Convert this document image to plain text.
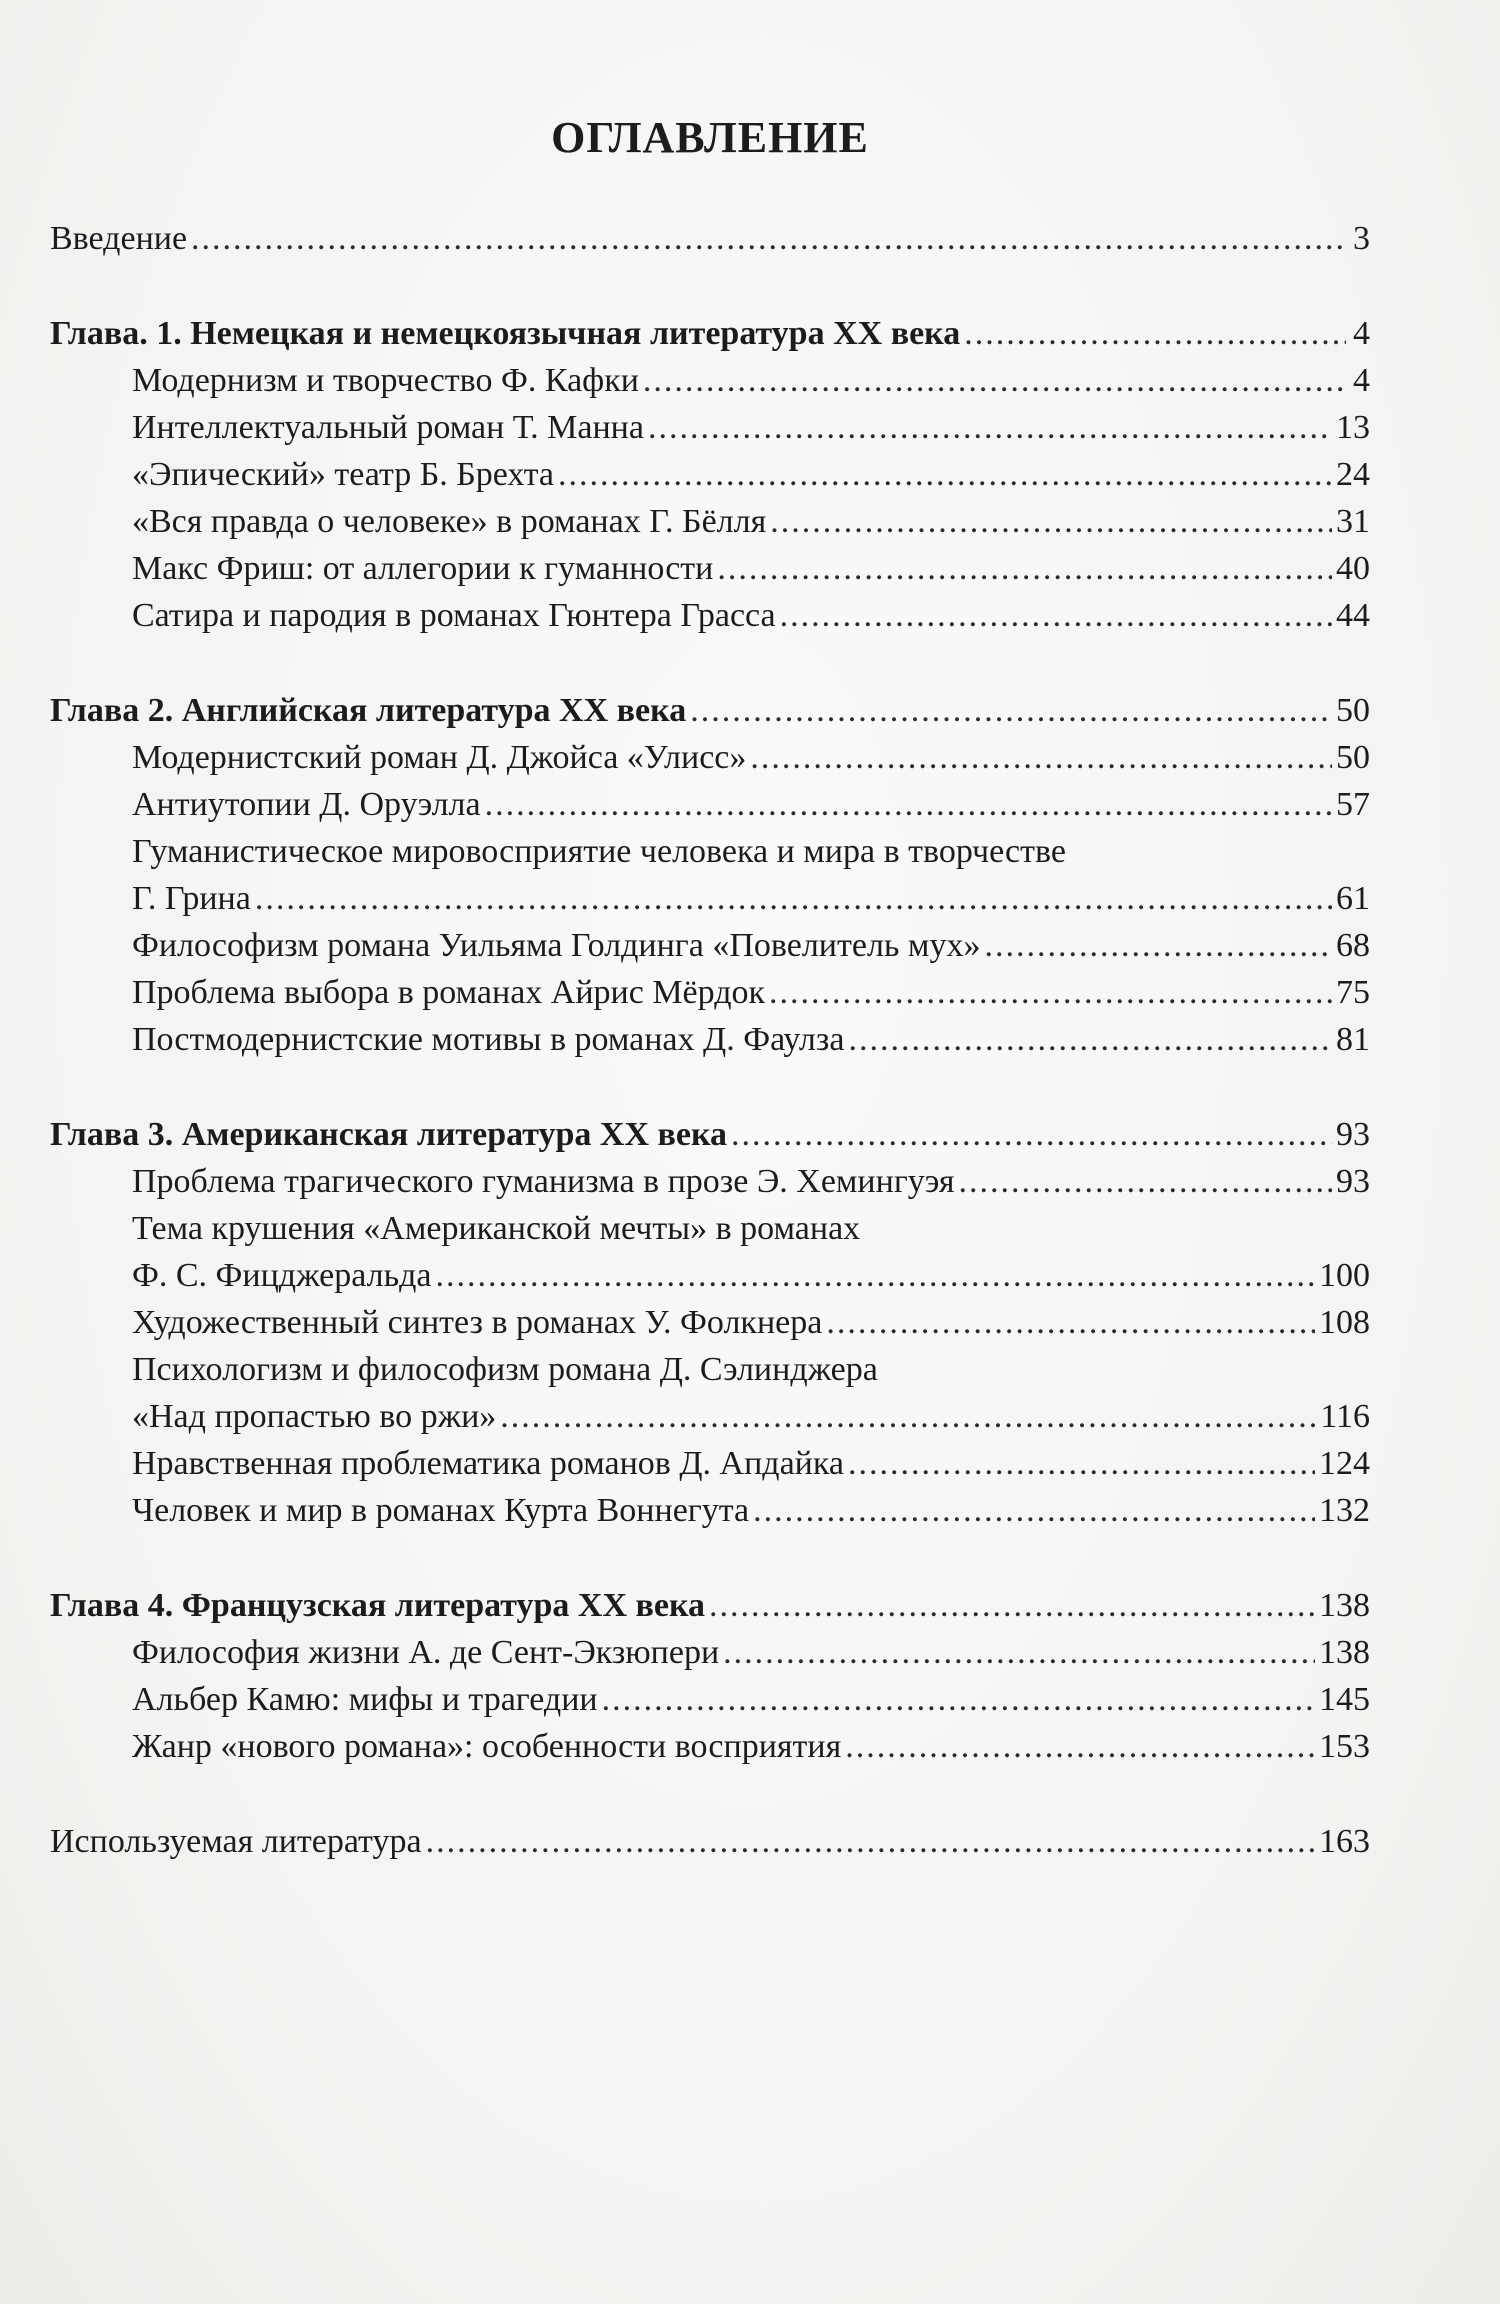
ОГЛАВЛЕНИЕ
Введение .....	3
Глава. 1. Немецкая и немецкоязычная литература XX века .....	4
Модернизм и творчество Ф. Кафки .....	4
Интеллектуальный роман Т. Манна .....	13
«Эпический» театр Б. Брехта .....	24
«Вся правда о человеке» в романах Г. Бёлля .....	31
Макс Фриш: от аллегории к гуманности .....	40
Сатира и пародия в романах Гюнтера Грасса .....	44
Глава 2. Английская литература XX века .....	50
Модернистский роман Д. Джойса «Улисс» .....	50
Антиутопии Д. Оруэлла .....	57
Гуманистическое мировосприятие человека и мира в творчестве
Г. Грина .....	61
Философизм романа Уильяма Голдинга «Повелитель мух» .....	68
Проблема выбора в романах Айрис Мёрдок .....	75
Постмодернистские мотивы в романах Д. Фаулза .....	81
Глава 3. Американская литература XX века .....	93
Проблема трагического гуманизма в прозе Э. Хемингуэя .....	93
Тема крушения «Американской мечты» в романах
Ф. С. Фицджеральда .....	100
Художественный синтез в романах У. Фолкнера .....	108
Психологизм и философизм романа Д. Сэлинджера
«Над пропастью во ржи» .....	116
Нравственная проблематика романов Д. Апдайка .....	124
Человек и мир в романах Курта Воннегута .....	132
Глава 4. Французская литература XX века .....	138
Философия жизни А. де Сент-Экзюпери .....	138
Альбер Камю: мифы и трагедии .....	145
Жанр «нового романа»: особенности восприятия .....	153
Используемая литература .....	163
